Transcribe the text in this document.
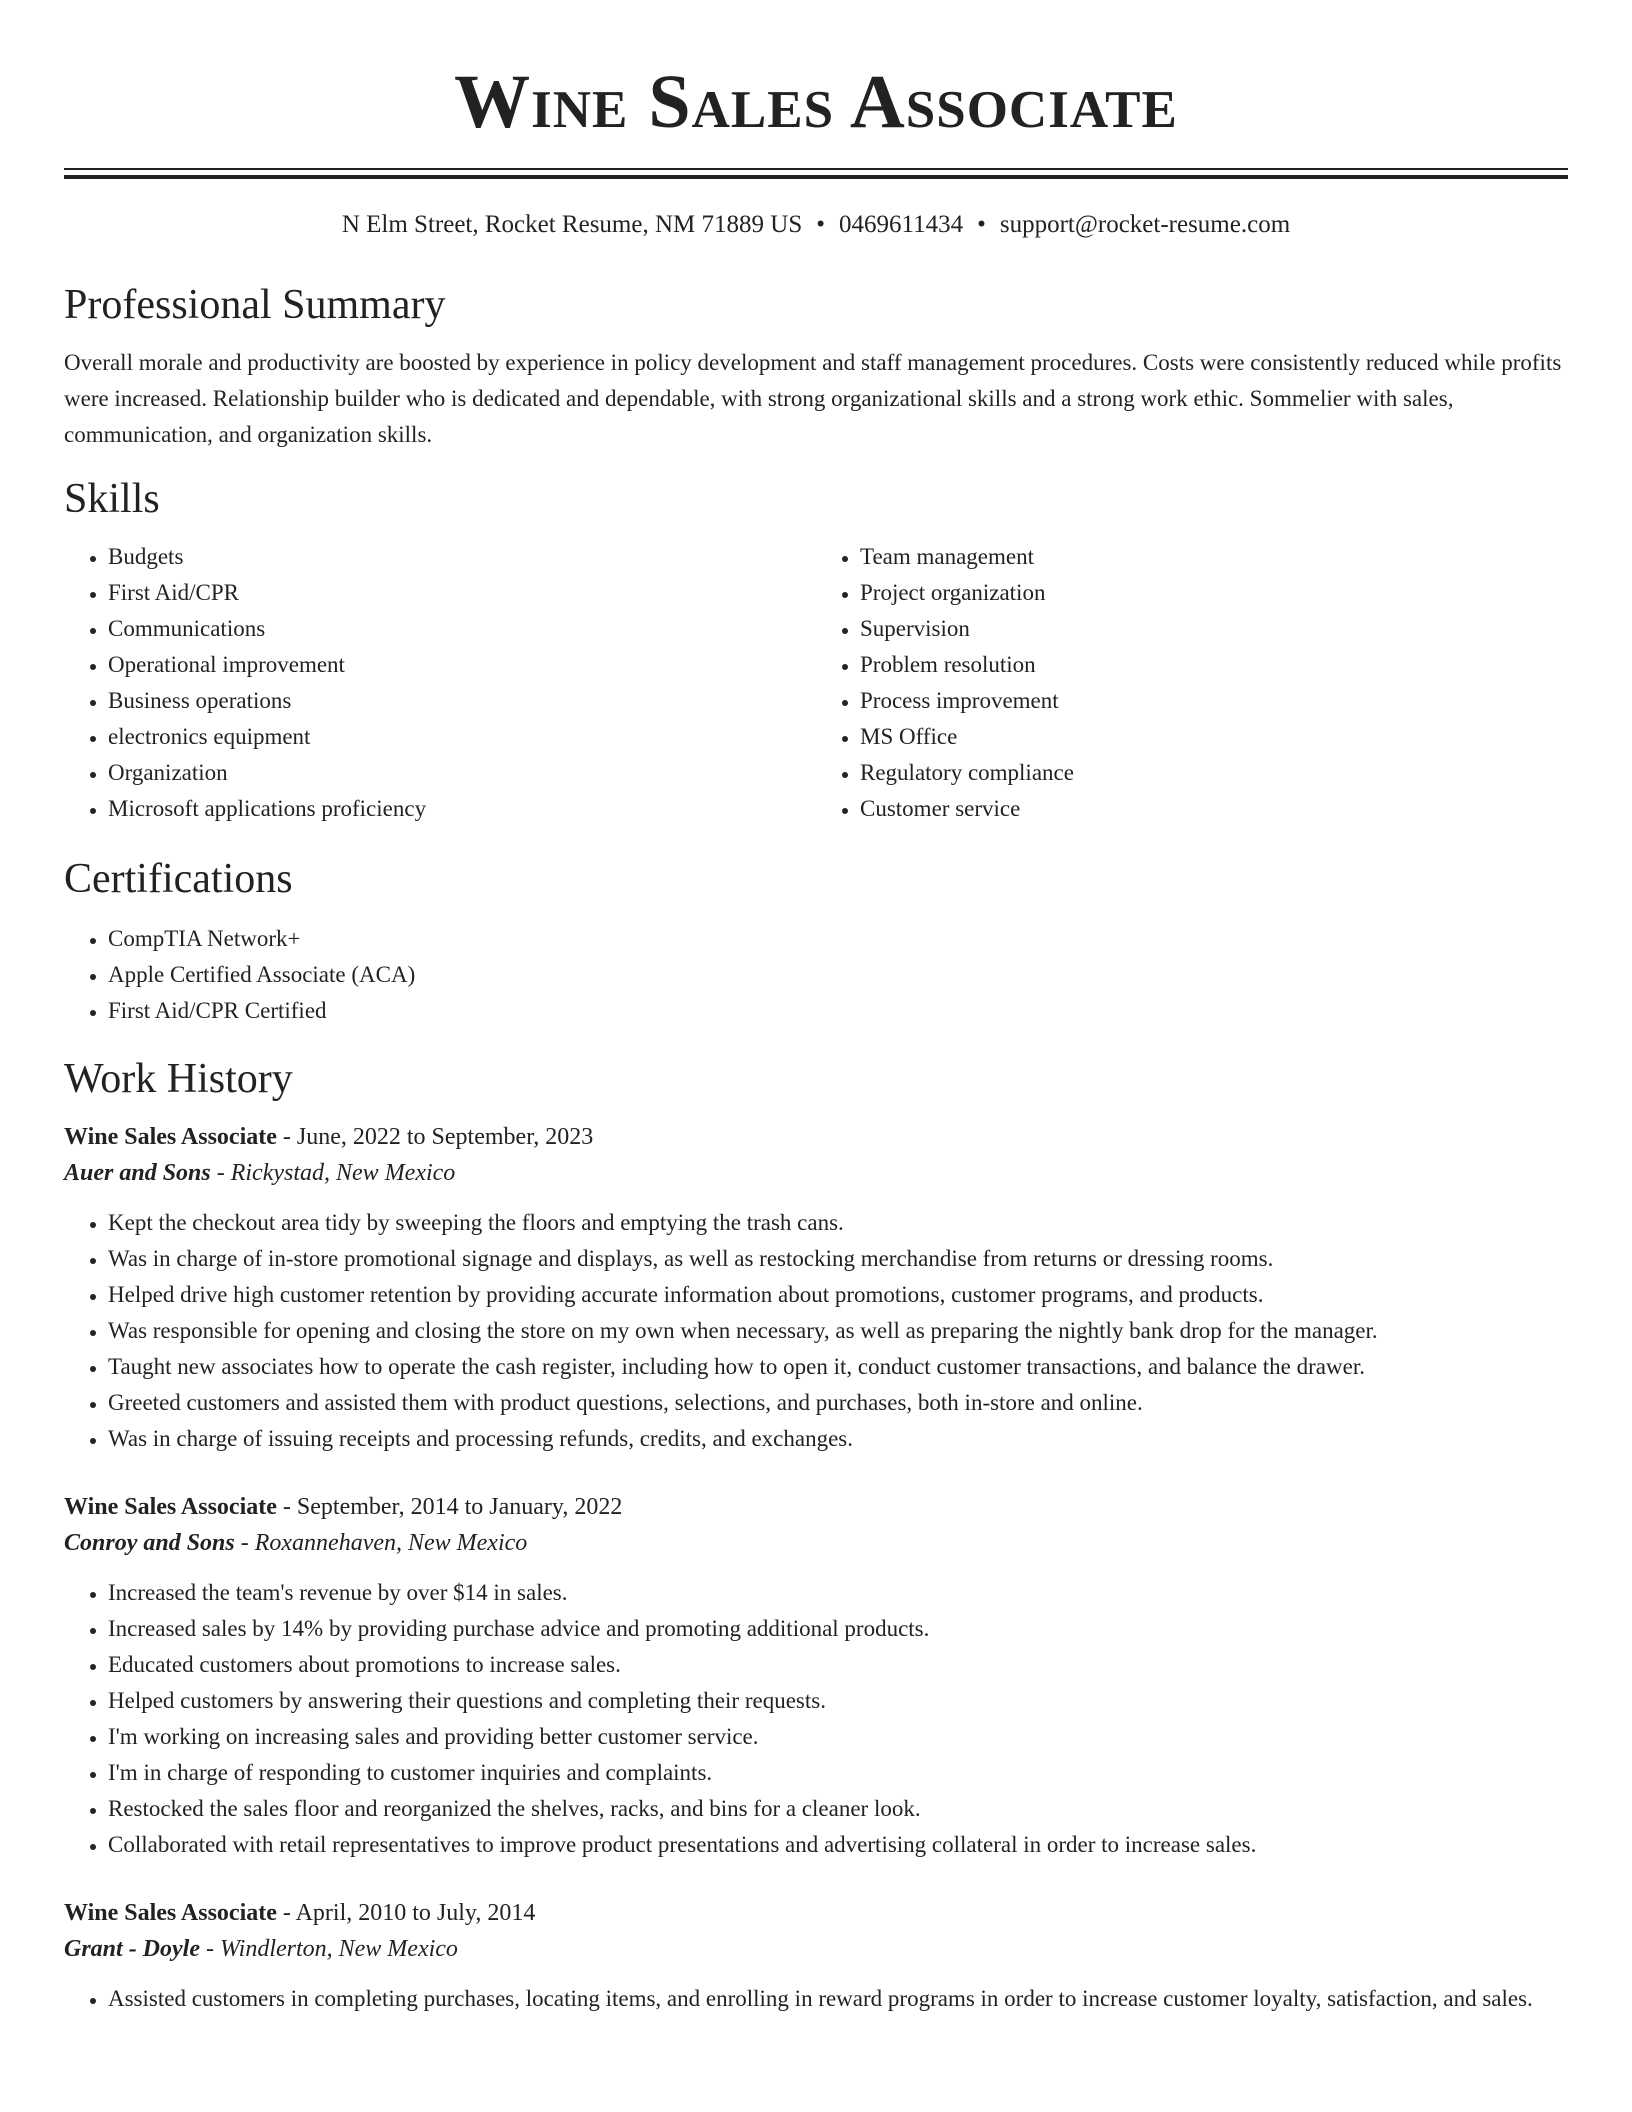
Wine Sales Associate
N Elm Street, Rocket Resume, NM 71889 US • 0469611434 • support@rocket-resume.com
Professional Summary

Overall morale and productivity are boosted by experience in policy development and staff management procedures. Costs were consistently reduced while profits were increased. Relationship builder who is dedicated and dependable, with strong organizational skills and a strong work ethic. Sommelier with sales, communication, and organization skills.

Skills
• Budgets
• First Aid/CPR
• Communications
• Operational improvement
• Business operations
• electronics equipment
• Organization
• Microsoft applications proficiency
• Team management
• Project organization
• Supervision
• Problem resolution
• Process improvement
• MS Office
• Regulatory compliance
• Customer service
Certifications
• CompTIA Network+
• Apple Certified Associate (ACA)
• First Aid/CPR Certified
Work History
Wine Sales Associate - June, 2022 to September, 2023
Auer and Sons - Rickystad, New Mexico
• Kept the checkout area tidy by sweeping the floors and emptying the trash cans.
• Was in charge of in-store promotional signage and displays, as well as restocking merchandise from returns or dressing rooms.
• Helped drive high customer retention by providing accurate information about promotions, customer programs, and products.
• Was responsible for opening and closing the store on my own when necessary, as well as preparing the nightly bank drop for the manager.
• Taught new associates how to operate the cash register, including how to open it, conduct customer transactions, and balance the drawer.
• Greeted customers and assisted them with product questions, selections, and purchases, both in-store and online.
• Was in charge of issuing receipts and processing refunds, credits, and exchanges.
Wine Sales Associate - September, 2014 to January, 2022
Conroy and Sons - Roxannehaven, New Mexico
• Increased the team's revenue by over $14 in sales.
• Increased sales by 14% by providing purchase advice and promoting additional products.
• Educated customers about promotions to increase sales.
• Helped customers by answering their questions and completing their requests.
• I'm working on increasing sales and providing better customer service.
• I'm in charge of responding to customer inquiries and complaints.
• Restocked the sales floor and reorganized the shelves, racks, and bins for a cleaner look.
• Collaborated with retail representatives to improve product presentations and advertising collateral in order to increase sales.
Wine Sales Associate - April, 2010 to July, 2014
Grant - Doyle - Windlerton, New Mexico
• Assisted customers in completing purchases, locating items, and enrolling in reward programs in order to increase customer loyalty, satisfaction, and sales.
